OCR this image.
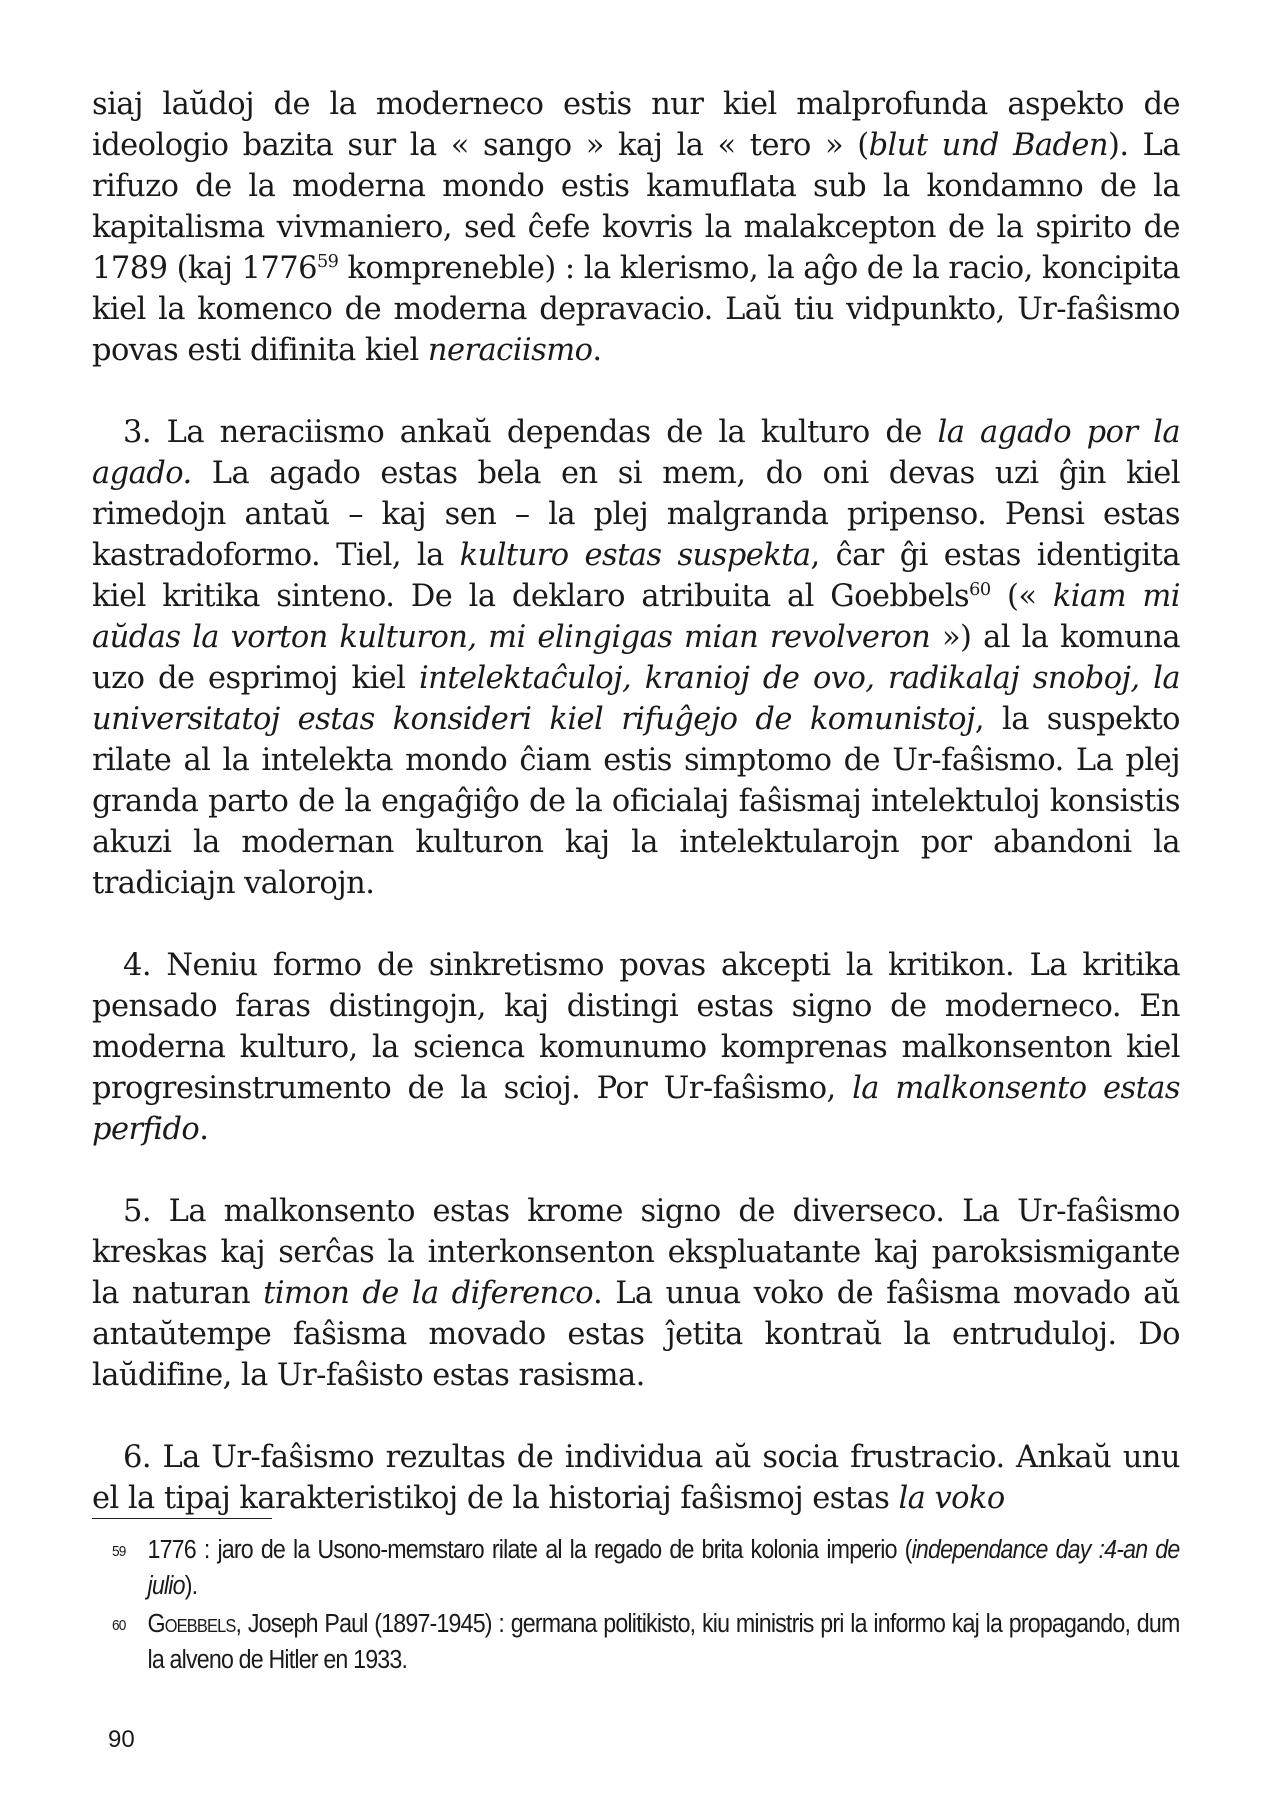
siaj laŭdoj de la moderneco estis nur kiel malprofunda aspekto de ideologio bazita sur la « sango » kaj la « tero » (blut und Baden). La rifuzo de la moderna mondo estis kamuflata sub la kondamno de la kapitalisma vivmaniero, sed ĉefe kovris la malakcepton de la spirito de 1789 (kaj 1776$^{59}$ kompreneble) : la klerismo, la aĝo de la racio, koncipita kiel la komenco de moderna depravacio. Laŭ tiu vidpunkto, Ur-faŝismo povas esti difinita kiel neraciismo.

3. La neraciismo ankaŭ dependas de la kulturo de la agado por la agado. La agado estas bela en si mem, do oni devas uzi ĝin kiel rimedojn antaŭ – kaj sen – la plej malgranda pripenso. Pensi estas kastradoformo. Tiel, la kulturo estas suspekta, ĉar ĝi estas identigita kiel kritika sinteno. De la deklaro atribuita al Goebbels$^{60}$ (« kiam mi aŭdas la vorton kulturon, mi elingigas mian revolveron ») al la komuna uzo de esprimoj kiel intelektaĉuloj, kranioj de ovo, radikalaj snoboj, la universitatoj estas konsideri kiel rifuĝejo de komunistoj, la suspekto rilate al la intelekta mondo ĉiam estis simptomo de Ur-faŝismo. La plej granda parto de la engaĝiĝo de la oficialaj faŝismaj intelektuloj konsistis akuzi la modernan kulturon kaj la intelektularojn por abandoni la tradiciajn valorojn.

4. Neniu formo de sinkretismo povas akcepti la kritikon. La kritika pensado faras distingojn, kaj distingi estas signo de moderneco. En moderna kulturo, la scienca komunumo komprenas malkonsenton kiel progresinstrumento de la scioj. Por Ur-faŝismo, la malkonsento estas perfido.

5. La malkonsento estas krome signo de diverseco. La Ur-faŝismo kreskas kaj serĉas la interkonsenton ekspluatante kaj paroksismigante la naturan timon de la diferenco. La unua voko de faŝisma movado aŭ antaŭtempe faŝisma movado estas ĵetita kontraŭ la entruduloj. Do laŭdifine, la Ur-faŝisto estas rasisma.

6. La Ur-faŝismo rezultas de individua aŭ socia frustracio. Ankaŭ unu el la tipaj karakteristikoj de la historiaj faŝismoj estas la voko

59 1776 : jaro de la Usono-memstaro rilate al la regado de brita kolonia imperio (independance day :4-an de julio).
60 Goebbels, Joseph Paul (1897-1945) : germana politikisto, kiu ministris pri la informo kaj la propagando, dum la alveno de Hitler en 1933.
90
